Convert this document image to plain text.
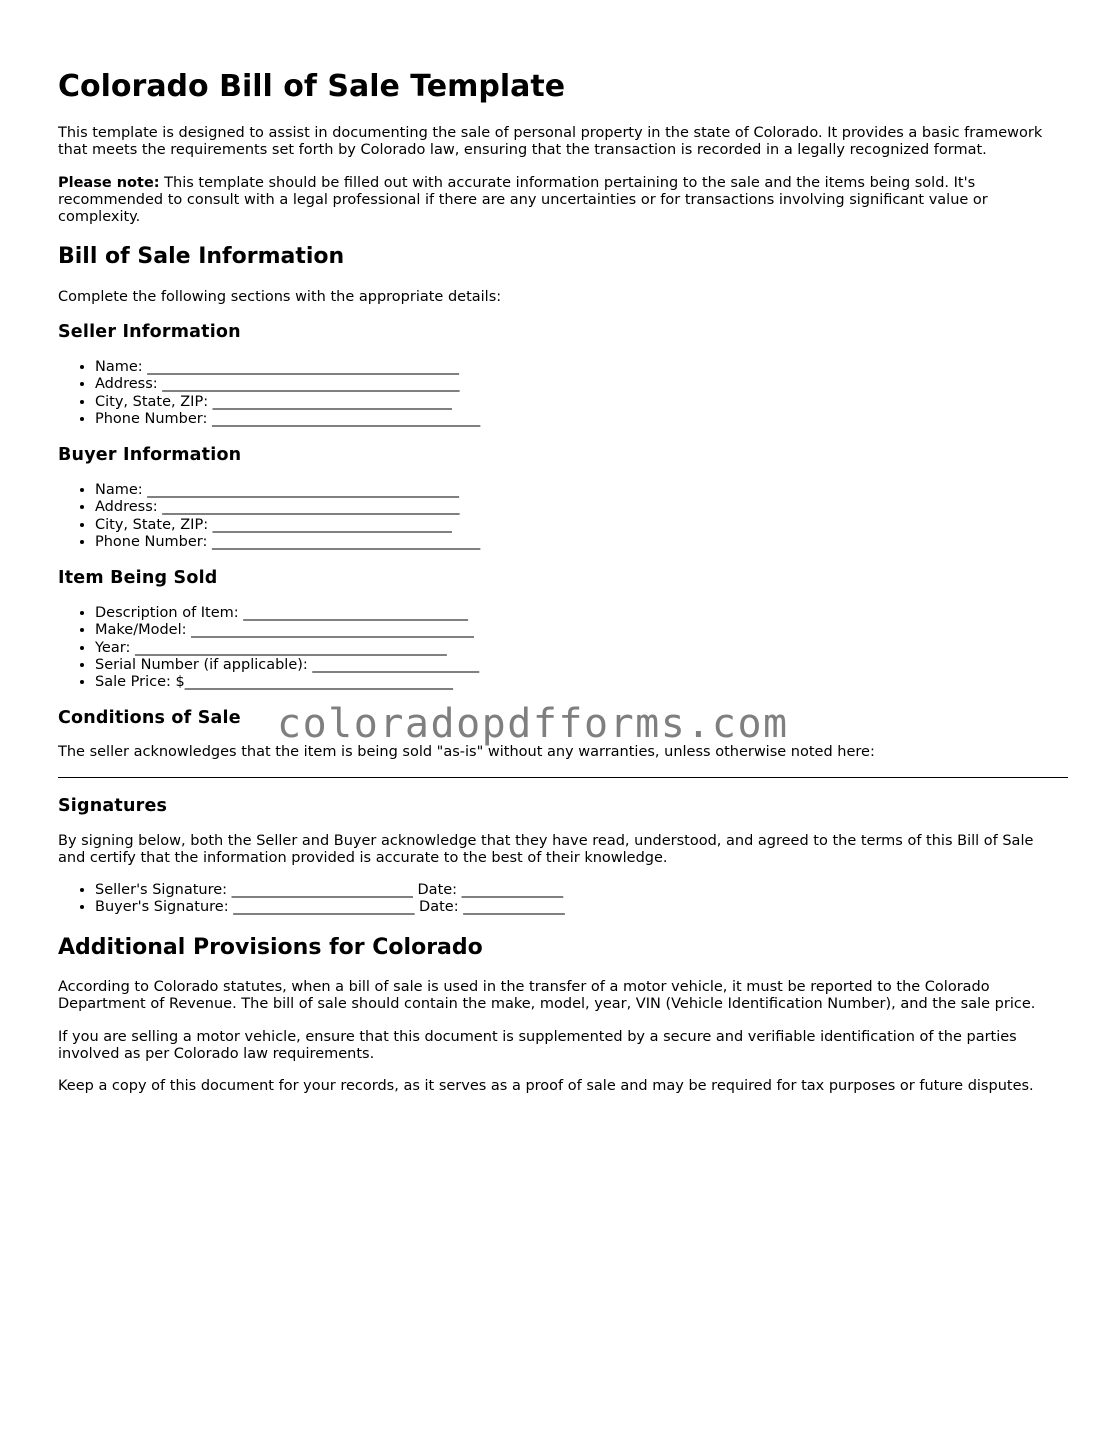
Colorado Bill of Sale Template

This template is designed to assist in documenting the sale of personal property in the state of Colorado. It provides a basic framework that meets the requirements set forth by Colorado law, ensuring that the transaction is recorded in a legally recognized format.

Please note: This template should be filled out with accurate information pertaining to the sale and the items being sold. It's recommended to consult with a legal professional if there are any uncertainties or for transactions involving significant value or complexity.

Bill of Sale Information

Complete the following sections with the appropriate details:

Seller Information
• Name: ___________________________________________
• Address: _________________________________________
• City, State, ZIP: _________________________________
• Phone Number: _____________________________________
Buyer Information
• Name: ___________________________________________
• Address: _________________________________________
• City, State, ZIP: _________________________________
• Phone Number: _____________________________________
Item Being Sold
• Description of Item: _______________________________
• Make/Model: _______________________________________
• Year: ___________________________________________
• Serial Number (if applicable): _______________________
• Sale Price: $_____________________________________
Conditions of Sale

The seller acknowledges that the item is being sold "as-is" without any warranties, unless otherwise noted here:

Signatures

By signing below, both the Seller and Buyer acknowledge that they have read, understood, and agreed to the terms of this Bill of Sale and certify that the information provided is accurate to the best of their knowledge.

• Seller's Signature: _________________________ Date: ______________
• Buyer's Signature: _________________________ Date: ______________
Additional Provisions for Colorado

According to Colorado statutes, when a bill of sale is used in the transfer of a motor vehicle, it must be reported to the Colorado Department of Revenue. The bill of sale should contain the make, model, year, VIN (Vehicle Identification Number), and the sale price.

If you are selling a motor vehicle, ensure that this document is supplemented by a secure and verifiable identification of the parties involved as per Colorado law requirements.

Keep a copy of this document for your records, as it serves as a proof of sale and may be required for tax purposes or future disputes.

coloradopdfforms.com
